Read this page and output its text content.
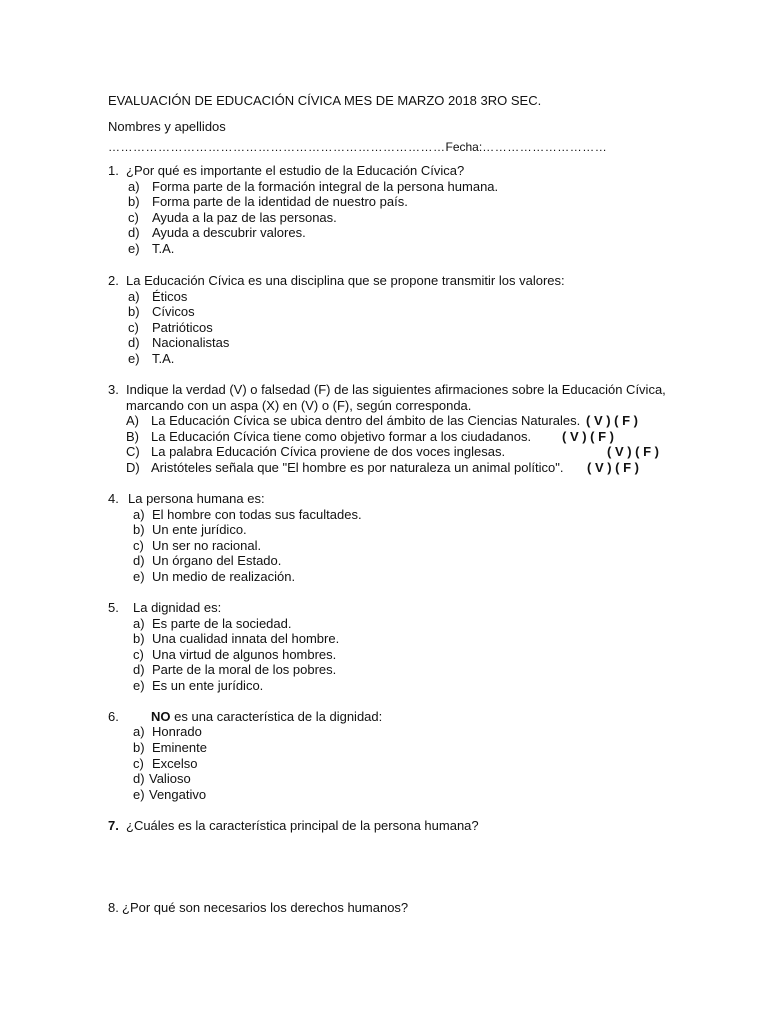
EVALUACIÓN DE EDUCACIÓN CÍVICA MES DE MARZO 2018 3RO SEC.
Nombres y apellidos
………………………………………………………………………Fecha:…………………………
1. ¿Por qué es importante el estudio de la Educación Cívica?
a) Forma parte de la formación integral de la persona humana.
b) Forma parte de la identidad de nuestro país.
c) Ayuda a la paz de las personas.
d) Ayuda a descubrir valores.
e) T.A.
2. La Educación Cívica es una disciplina que se propone transmitir los valores:
a) Éticos
b) Cívicos
c) Patrióticos
d) Nacionalistas
e) T.A.
3. Indique la verdad (V) o falsedad (F) de las siguientes afirmaciones sobre la Educación Cívica,
marcando con un aspa (X) en (V) o (F), según corresponda.
A) La Educación Cívica se ubica dentro del ámbito de las Ciencias Naturales. ( V ) ( F )
B) La Educación Cívica tiene como objetivo formar a los ciudadanos. ( V ) ( F )
C) La palabra Educación Cívica proviene de dos voces inglesas.	( V ) ( F )
D) Aristóteles señala que "El hombre es por naturaleza un animal político". ( V ) ( F )
4. La persona humana es:
a) El hombre con todas sus facultades.
b) Un ente jurídico.
c) Un ser no racional.
d) Un órgano del Estado.
e) Un medio de realización.
5. La dignidad es:
a) Es parte de la sociedad.
b) Una cualidad innata del hombre.
c) Una virtud de algunos hombres.
d) Parte de la moral de los pobres.
e) Es un ente jurídico.
6. NO es una característica de la dignidad:
a) Honrado
b) Eminente
c) Excelso
d) Valioso
e) Vengativo
7. ¿Cuáles es la característica principal de la persona humana?
8. ¿Por qué son necesarios los derechos humanos?
